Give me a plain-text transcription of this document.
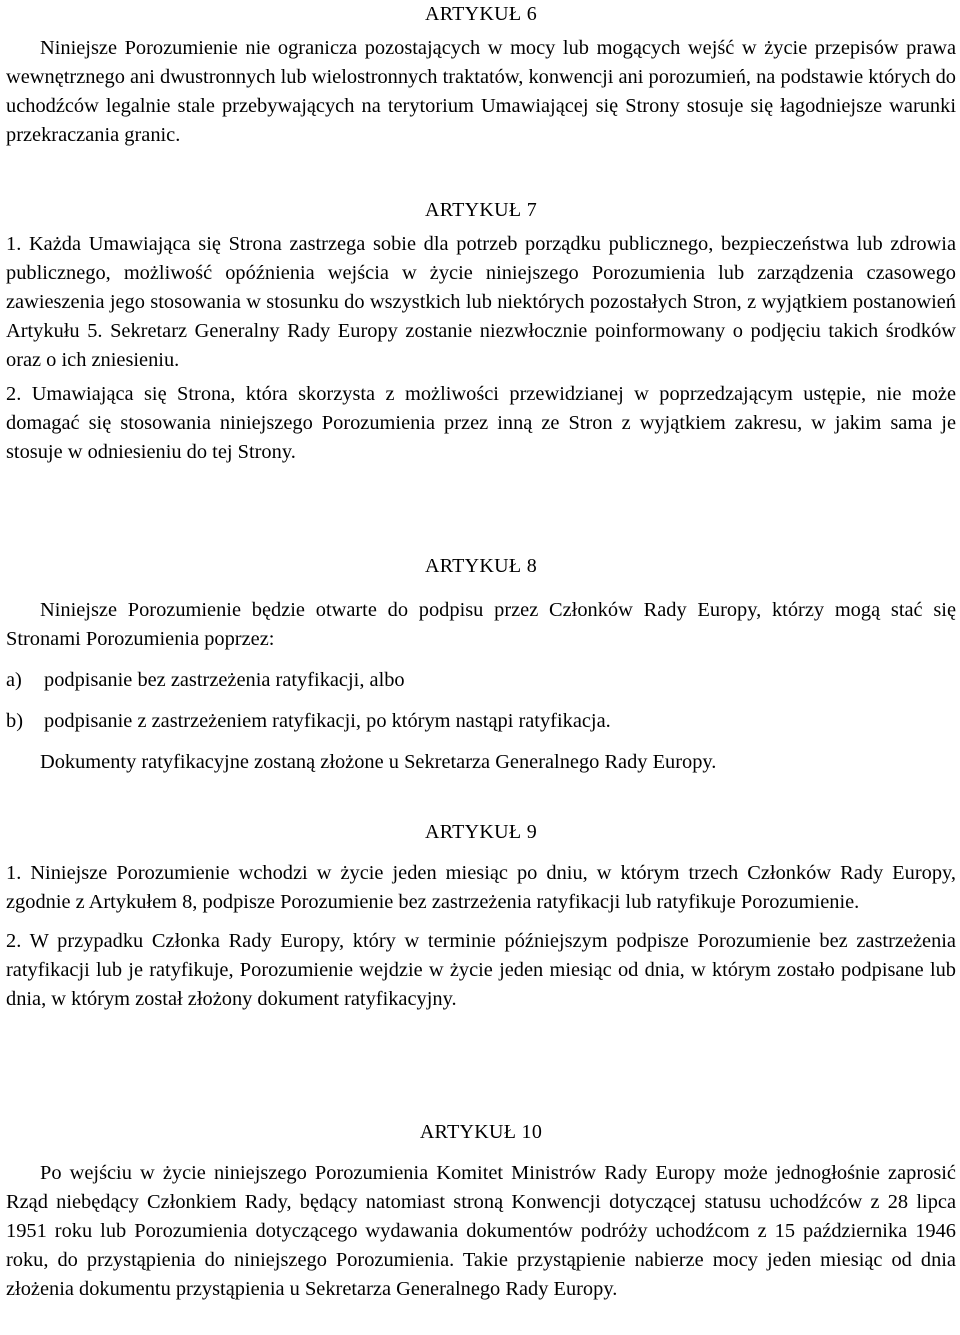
ARTYKUŁ 6

Niniejsze Porozumienie nie ogranicza pozostających w mocy lub mogących wejść w życie przepisów prawa wewnętrznego ani dwustronnych lub wielostronnych traktatów, konwencji ani porozumień, na podstawie których do uchodźców legalnie stale przebywających na terytorium Umawiającej się Strony stosuje się łagodniejsze warunki przekraczania granic.

ARTYKUŁ 7

1. Każda Umawiająca się Strona zastrzega sobie dla potrzeb porządku publicznego, bezpieczeństwa lub zdrowia publicznego, możliwość opóźnienia wejścia w życie niniejszego Porozumienia lub zarządzenia czasowego zawieszenia jego stosowania w stosunku do wszystkich lub niektórych pozostałych Stron, z wyjątkiem postanowień Artykułu 5. Sekretarz Generalny Rady Europy zostanie niezwłocznie poinformowany o podjęciu takich środków oraz o ich zniesieniu.

2. Umawiająca się Strona, która skorzysta z możliwości przewidzianej w poprzedzającym ustępie, nie może domagać się stosowania niniejszego Porozumienia przez inną ze Stron z wyjątkiem zakresu, w jakim sama je stosuje w odniesieniu do tej Strony.

ARTYKUŁ 8

Niniejsze Porozumienie będzie otwarte do podpisu przez Członków Rady Europy, którzy mogą stać się Stronami Porozumienia poprzez:

a)	podpisanie bez zastrzeżenia ratyfikacji, albo
b)	podpisanie z zastrzeżeniem ratyfikacji, po którym nastąpi ratyfikacja.

Dokumenty ratyfikacyjne zostaną złożone u Sekretarza Generalnego Rady Europy.

ARTYKUŁ 9

1. Niniejsze Porozumienie wchodzi w życie jeden miesiąc po dniu, w którym trzech Członków Rady Europy, zgodnie z Artykułem 8, podpisze Porozumienie bez zastrzeżenia ratyfikacji lub ratyfikuje Porozumienie.

2. W przypadku Członka Rady Europy, który w terminie późniejszym podpisze Porozumienie bez zastrzeżenia ratyfikacji lub je ratyfikuje, Porozumienie wejdzie w życie jeden miesiąc od dnia, w którym zostało podpisane lub dnia, w którym został złożony dokument ratyfikacyjny.

ARTYKUŁ 10

Po wejściu w życie niniejszego Porozumienia Komitet Ministrów Rady Europy może jednogłośnie zaprosić Rząd niebędący Członkiem Rady, będący natomiast stroną Konwencji dotyczącej statusu uchodźców z 28 lipca 1951 roku lub Porozumienia dotyczącego wydawania dokumentów podróży uchodźcom z 15 października 1946 roku, do przystąpienia do niniejszego Porozumienia. Takie przystąpienie nabierze mocy jeden miesiąc od dnia złożenia dokumentu przystąpienia u Sekretarza Generalnego Rady Europy.
